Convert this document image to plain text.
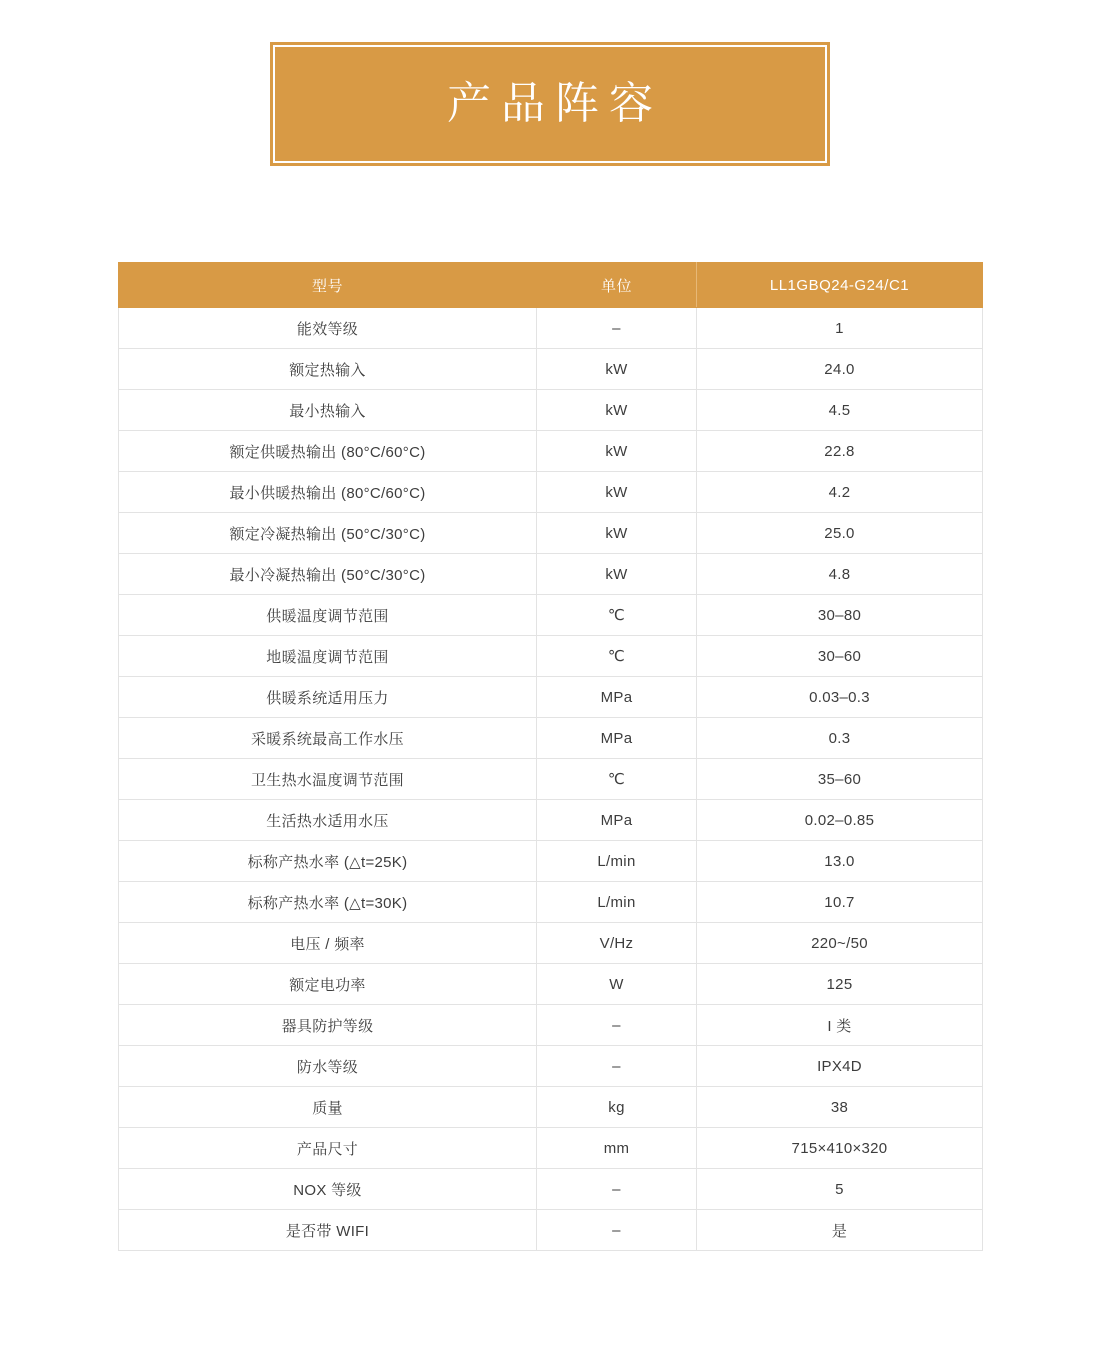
产品阵容
型号	单位	LL1GBQ24-G24/C1
能效等级	–	1
额定热输入	kW	24.0
最小热输入	kW	4.5
额定供暖热输出 (80°C/60°C)	kW	22.8
最小供暖热输出 (80°C/60°C)	kW	4.2
额定冷凝热输出 (50°C/30°C)	kW	25.0
最小冷凝热输出 (50°C/30°C)	kW	4.8
供暖温度调节范围	℃	30–80
地暖温度调节范围	℃	30–60
供暖系统适用压力	MPa	0.03–0.3
采暖系统最高工作水压	MPa	0.3
卫生热水温度调节范围	℃	35–60
生活热水适用水压	MPa	0.02–0.85
标称产热水率 (△t=25K)	L/min	13.0
标称产热水率 (△t=30K)	L/min	10.7
电压 / 频率	V/Hz	220~/50
额定电功率	W	125
器具防护等级	–	I 类
防水等级	–	IPX4D
质量	kg	38
产品尺寸	mm	715×410×320
NOX 等级	–	5
是否带 WIFI	–	是
